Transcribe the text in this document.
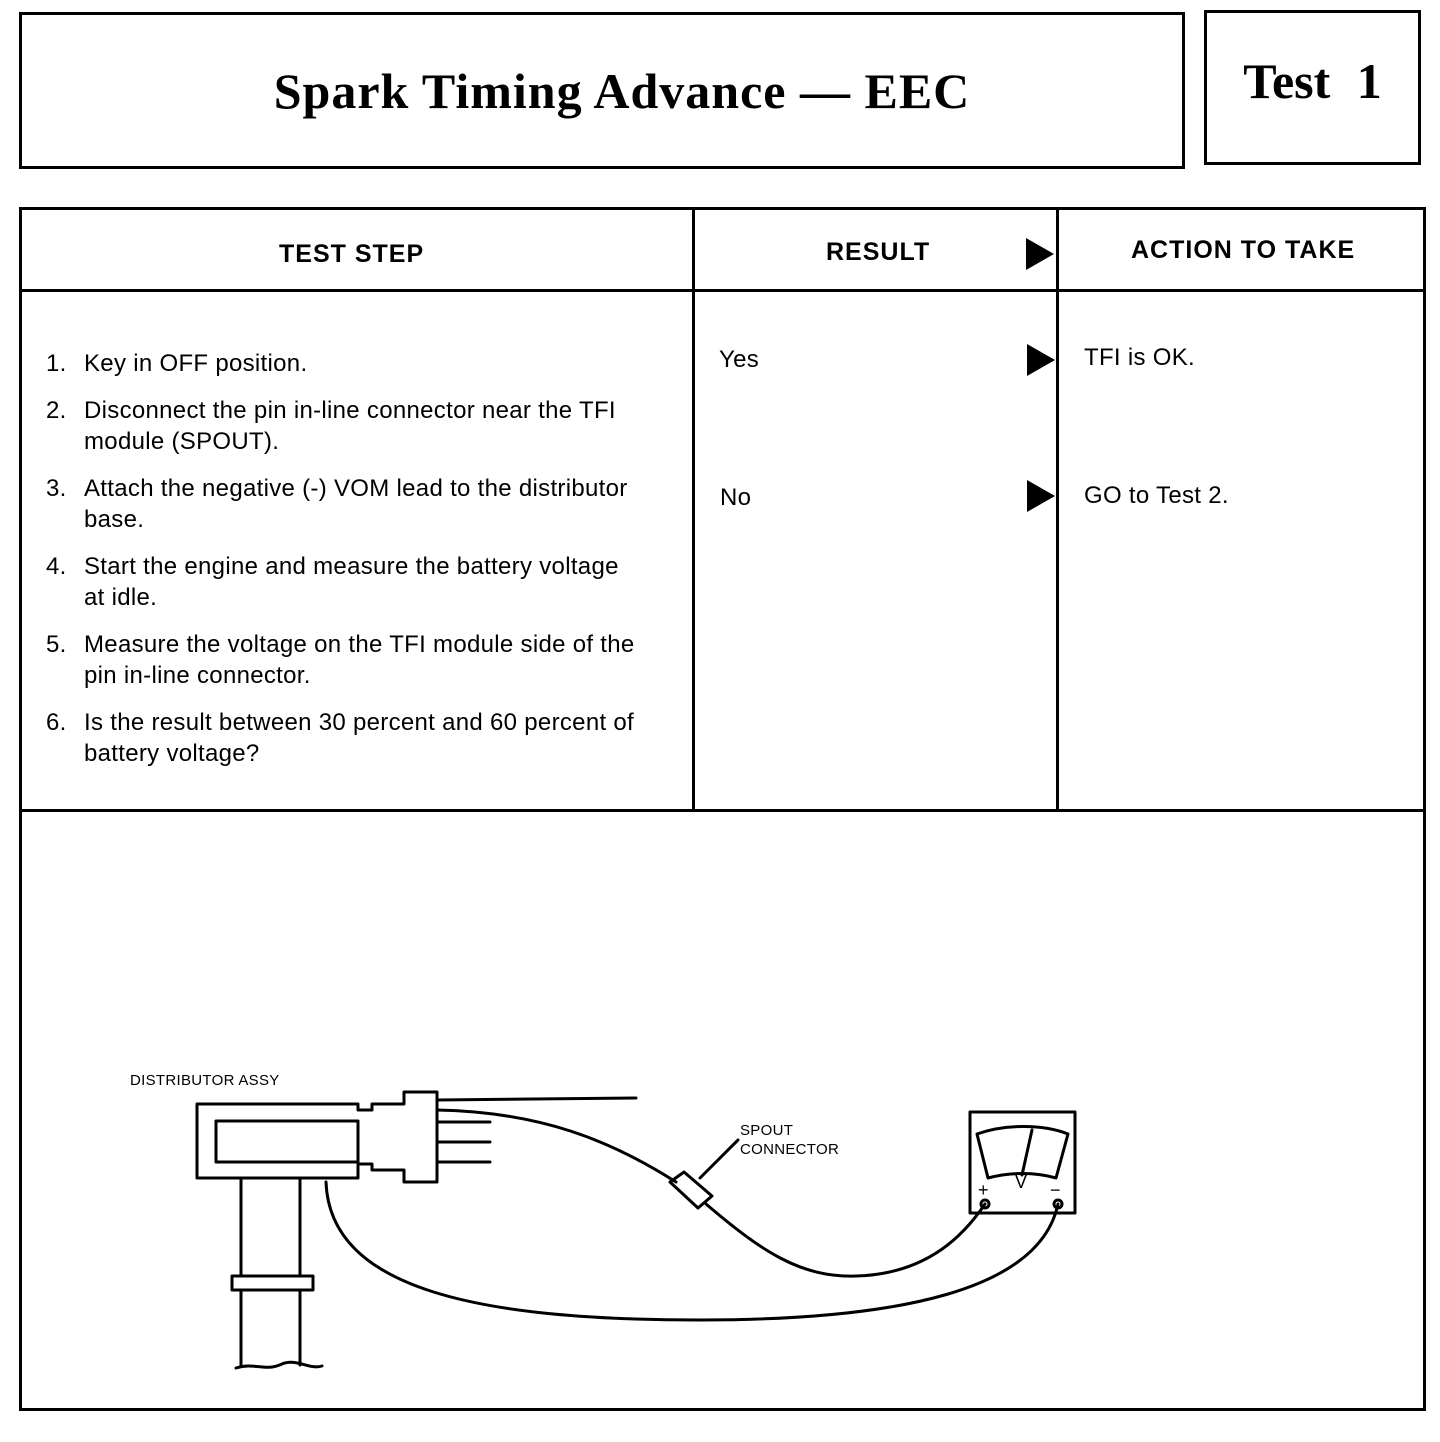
Spark Timing Advance — EEC	Test 1
TEST STEP	RESULT	ACTION TO TAKE
1. Key in OFF position.
2. Disconnect the pin in-line connector near the TFI module (SPOUT).
3. Attach the negative (-) VOM lead to the distributor base.
4. Start the engine and measure the battery voltage at idle.
5. Measure the voltage on the TFI module side of the pin in-line connector.
6. Is the result between 30 percent and 60 percent of battery voltage?
Yes	TFI is OK.
No	GO to Test 2.
+ V −
DISTRIBUTOR ASSY
SPOUT
CONNECTOR
